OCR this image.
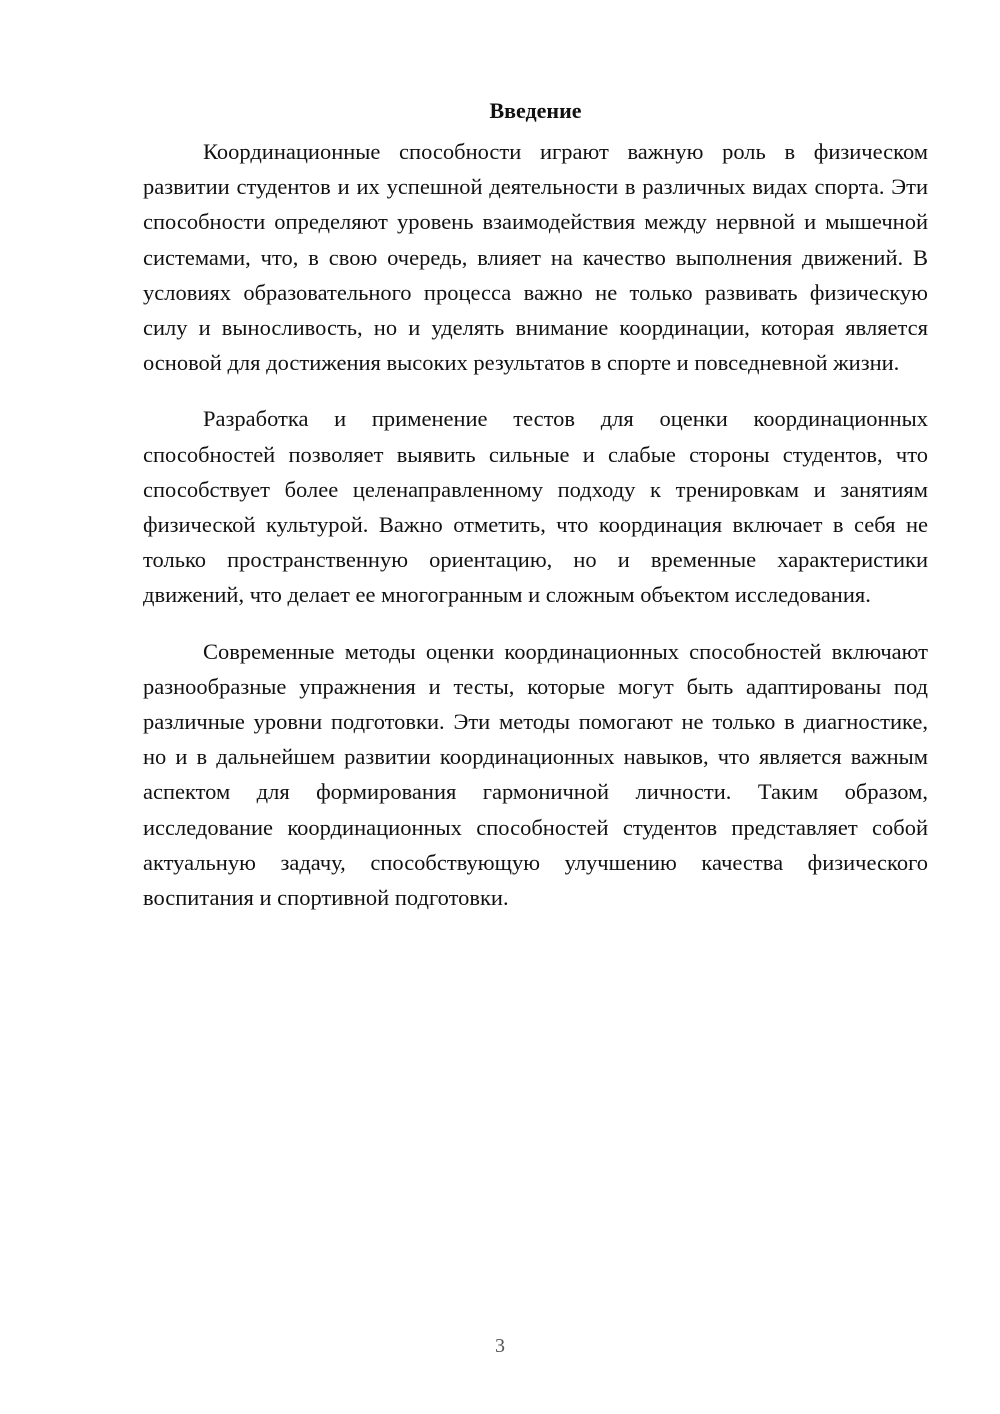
Введение

Координационные способности играют важную роль в физическом развитии студентов и их успешной деятельности в различных видах спорта. Эти способности определяют уровень взаимодействия между нервной и мышечной системами, что, в свою очередь, влияет на качество выполнения движений. В условиях образовательного процесса важно не только развивать физическую силу и выносливость, но и уделять внимание координации, которая является основой для достижения высоких результатов в спорте и повседневной жизни.

Разработка и применение тестов для оценки координационных способностей позволяет выявить сильные и слабые стороны студентов, что способствует более целенаправленному подходу к тренировкам и занятиям физической культурой. Важно отметить, что координация включает в себя не только пространственную ориентацию, но и временные характеристики движений, что делает ее многогранным и сложным объектом исследования.

Современные методы оценки координационных способностей включают разнообразные упражнения и тесты, которые могут быть адаптированы под различные уровни подготовки. Эти методы помогают не только в диагностике, но и в дальнейшем развитии координационных навыков, что является важным аспектом для формирования гармоничной личности. Таким образом, исследование координационных способностей студентов представляет собой актуальную задачу, способствующую улучшению качества физического воспитания и спортивной подготовки.

3
